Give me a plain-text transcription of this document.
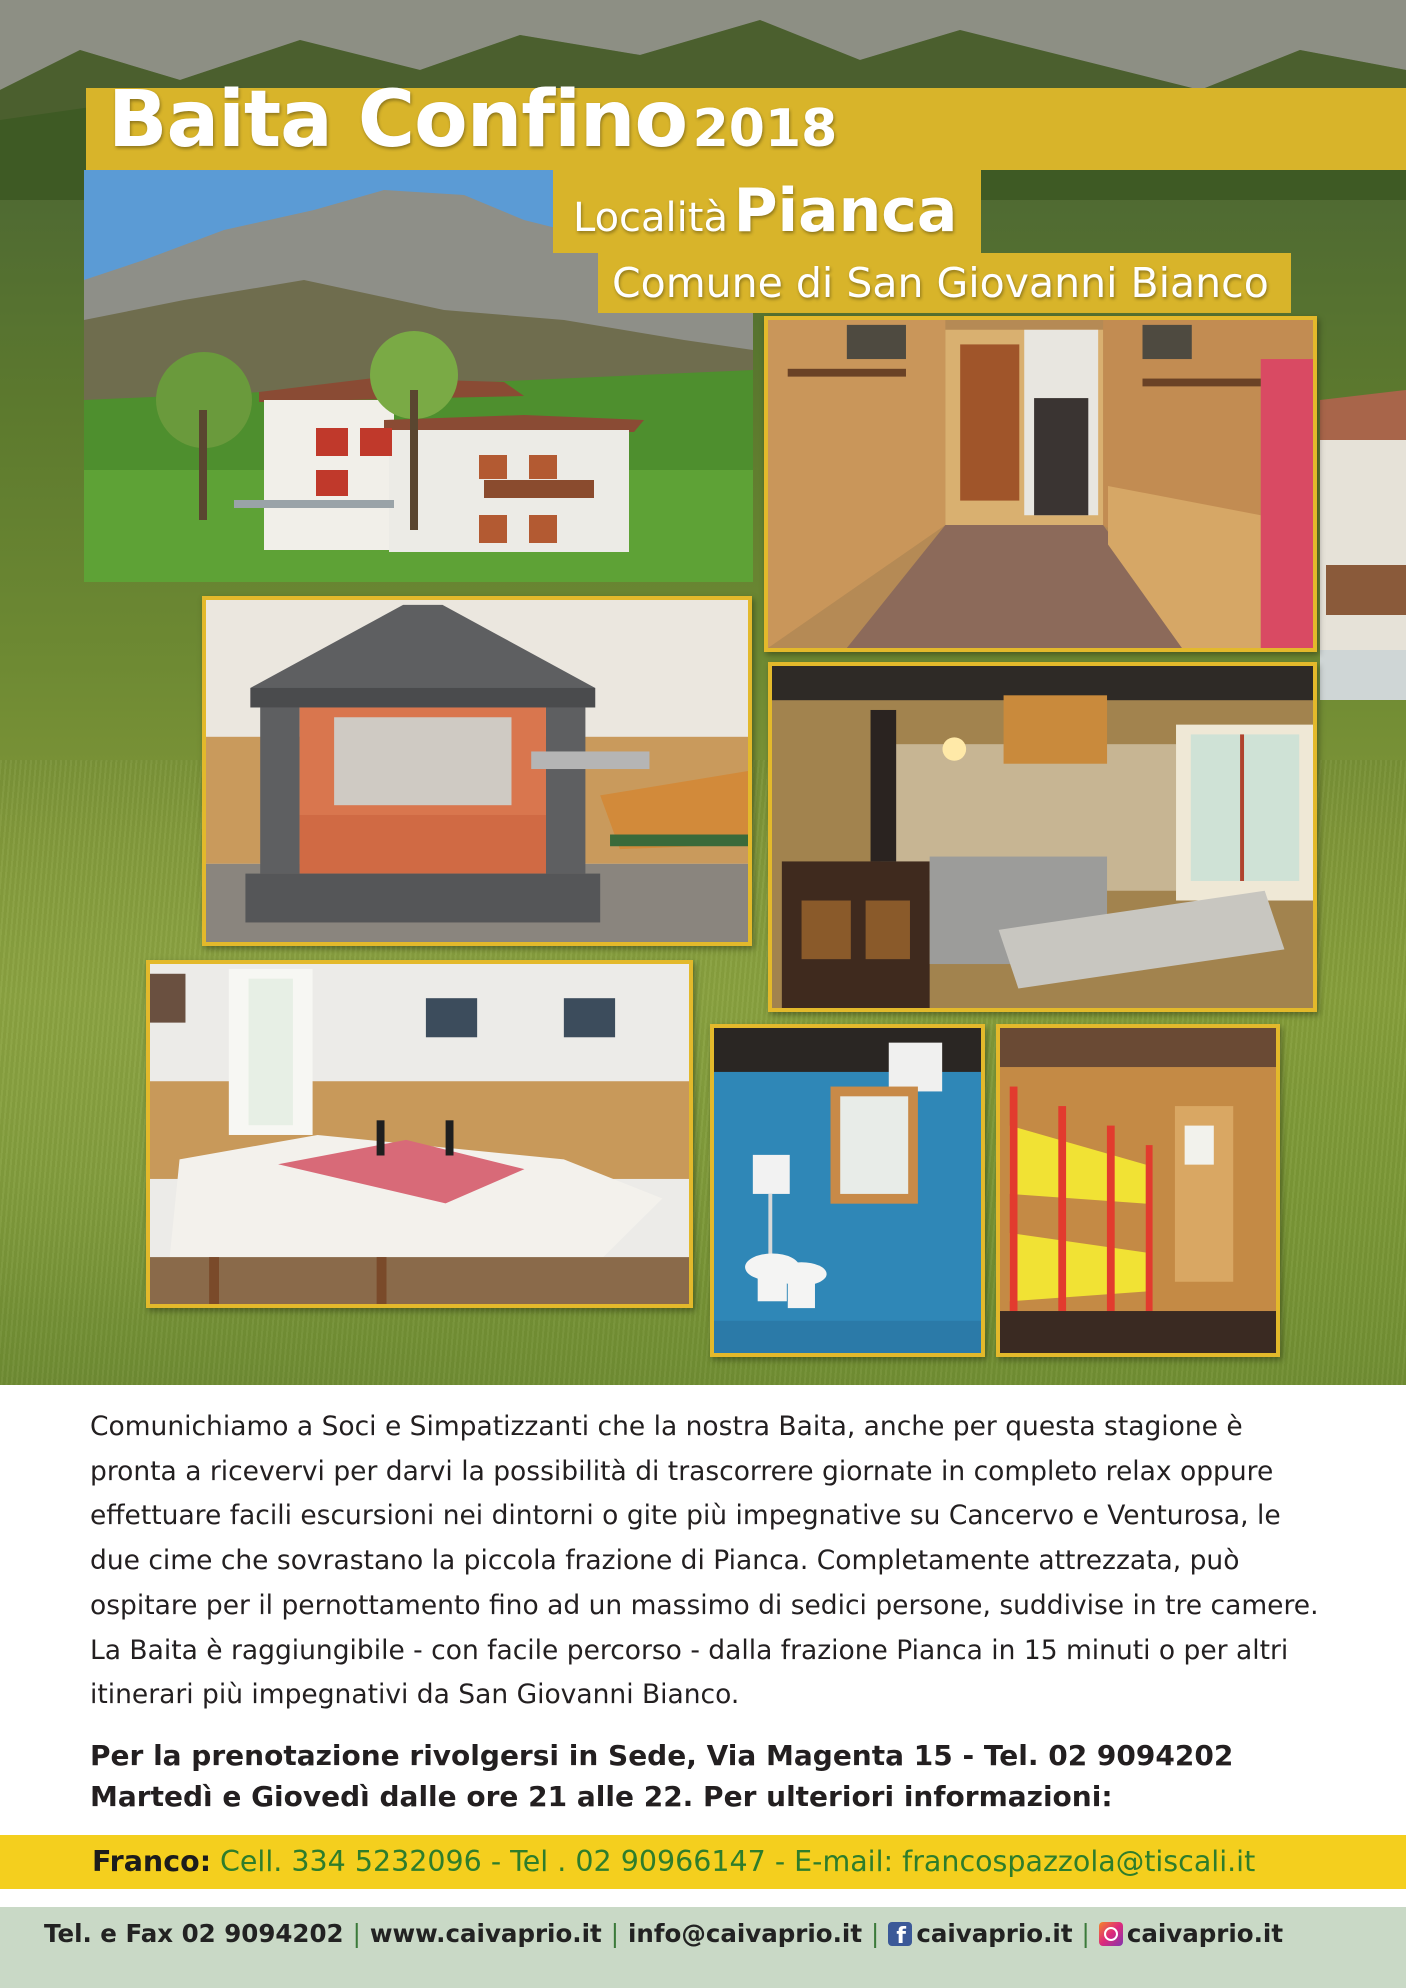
Baita Confino 2018
Località Pianca
Comune di San Giovanni Bianco

Comunichiamo a Soci e Simpatizzanti che la nostra Baita, anche per questa stagione è pronta a ricevervi per darvi la possibilità di trascorrere giornate in completo relax oppure effettuare facili escursioni nei dintorni o gite più impegnative su Cancervo e Venturosa, le due cime che sovrastano la piccola frazione di Pianca. Completamente attrezzata, può ospitare per il pernottamento fino ad un massimo di sedici persone, suddivise in tre camere. La Baita è raggiungibile - con facile percorso - dalla frazione Pianca in 15 minuti o per altri itinerari più impegnativi da San Giovanni Bianco.

Per la prenotazione rivolgersi in Sede, Via Magenta 15 - Tel. 02 9094202
Martedì e Giovedì dalle ore 21 alle 22. Per ulteriori informazioni:
Franco: Cell. 334 5232096 - Tel . 02 90966147 - E-mail: francospazzola@tiscali.it
Tel. e Fax 02 9094202 | www.caivaprio.it | info@caivaprio.it |
f caivaprio.it | caivaprio.it
